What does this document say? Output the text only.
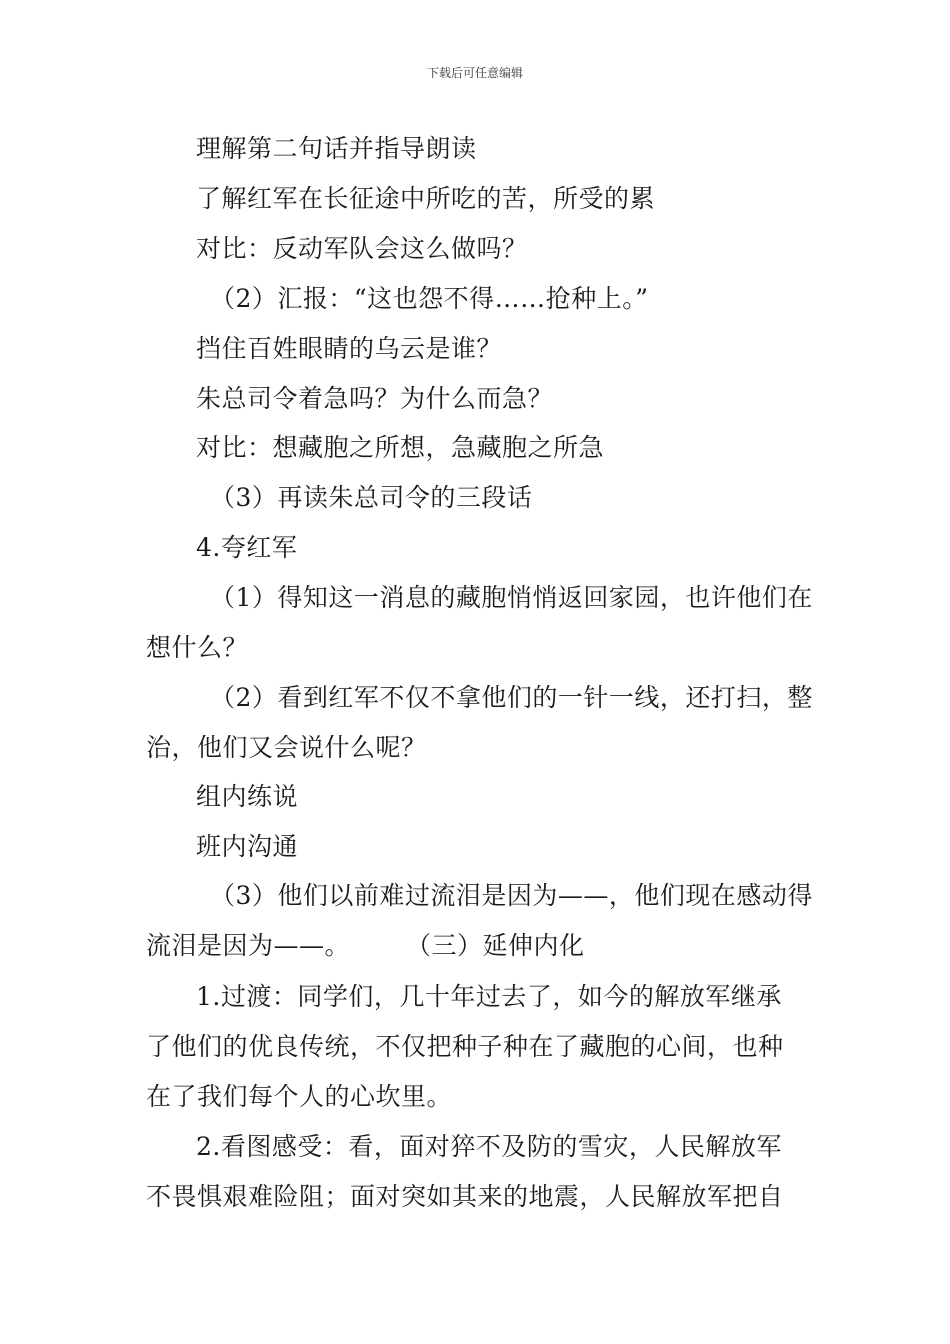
下载后可任意编辑
理解第二句话并指导朗读
了解红军在长征途中所吃的苦，所受的累
对比：反动军队会这么做吗？
（2）汇报：“这也怨不得……抢种上。”
挡住百姓眼睛的乌云是谁？
朱总司令着急吗？为什么而急？
对比：想藏胞之所想，急藏胞之所急
（3）再读朱总司令的三段话
4.夸红军
（1）得知这一消息的藏胞悄悄返回家园，也许他们在
想什么？
（2）看到红军不仅不拿他们的一针一线，还打扫，整
治，他们又会说什么呢？
组内练说
班内沟通
（3）他们以前难过流泪是因为——，他们现在感动得
流泪是因为——。 （三）延伸内化
1.过渡：同学们，几十年过去了，如今的解放军继承
了他们的优良传统，不仅把种子种在了藏胞的心间，也种
在了我们每个人的心坎里。
2.看图感受：看，面对猝不及防的雪灾，人民解放军
不畏惧艰难险阻；面对突如其来的地震，人民解放军把自
